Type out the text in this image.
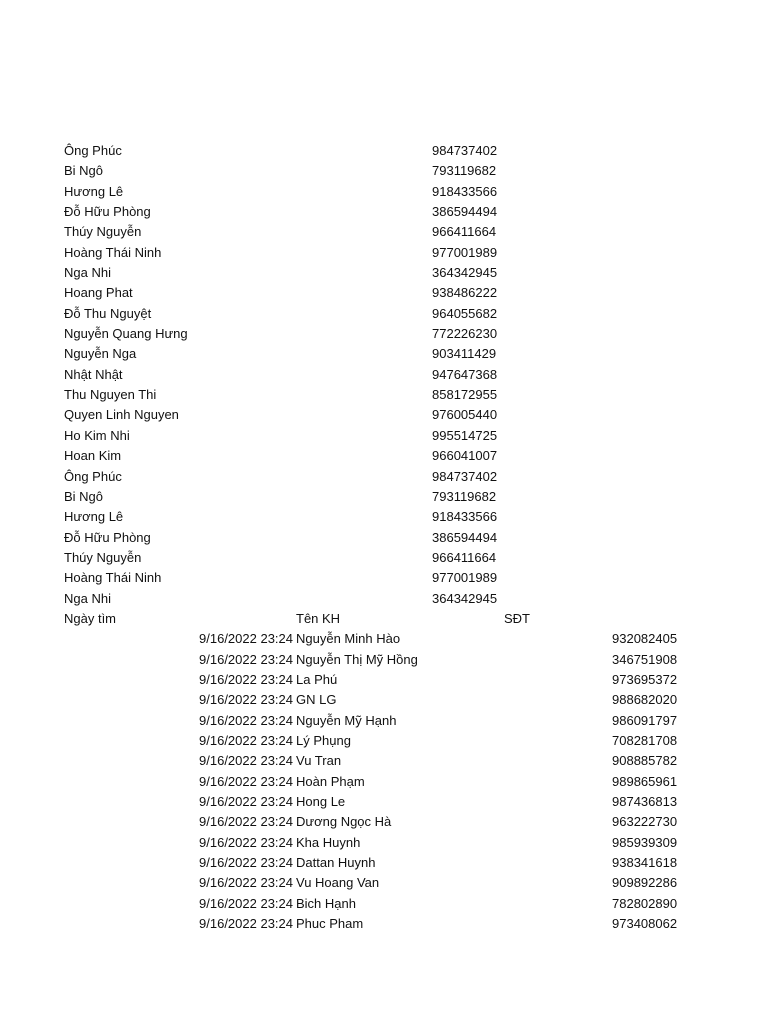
Ông Phúc	984737402
Bi Ngô	793119682
Hương Lê	918433566
Đỗ Hữu Phòng	386594494
Thúy Nguyễn	966411664
Hoàng Thái Ninh	977001989
Nga Nhi	364342945
Hoang Phat	938486222
Đỗ Thu Nguyệt	964055682
Nguyễn Quang Hưng	772226230
Nguyễn Nga	903411429
Nhật Nhật	947647368
Thu Nguyen Thi	858172955
Quyen Linh Nguyen	976005440
Ho Kim Nhi	995514725
Hoan Kim	966041007
Ông Phúc	984737402
Bi Ngô	793119682
Hương Lê	918433566
Đỗ Hữu Phòng	386594494
Thúy Nguyễn	966411664
Hoàng Thái Ninh	977001989
Nga Nhi	364342945
Ngày tìm	Tên KH	SĐT
9/16/2022 23:24 Nguyễn Minh Hào	932082405
9/16/2022 23:24 Nguyễn Thị Mỹ Hồng	346751908
9/16/2022 23:24 La Phú	973695372
9/16/2022 23:24 GN LG	988682020
9/16/2022 23:24 Nguyễn Mỹ Hạnh	986091797
9/16/2022 23:24 Lý Phụng	708281708
9/16/2022 23:24 Vu Tran	908885782
9/16/2022 23:24 Hoàn Phạm	989865961
9/16/2022 23:24 Hong Le	987436813
9/16/2022 23:24 Dương Ngọc Hà	963222730
9/16/2022 23:24 Kha Huynh	985939309
9/16/2022 23:24 Dattan Huynh	938341618
9/16/2022 23:24 Vu Hoang Van	909892286
9/16/2022 23:24 Bich Hạnh	782802890
9/16/2022 23:24 Phuc Pham	973408062
